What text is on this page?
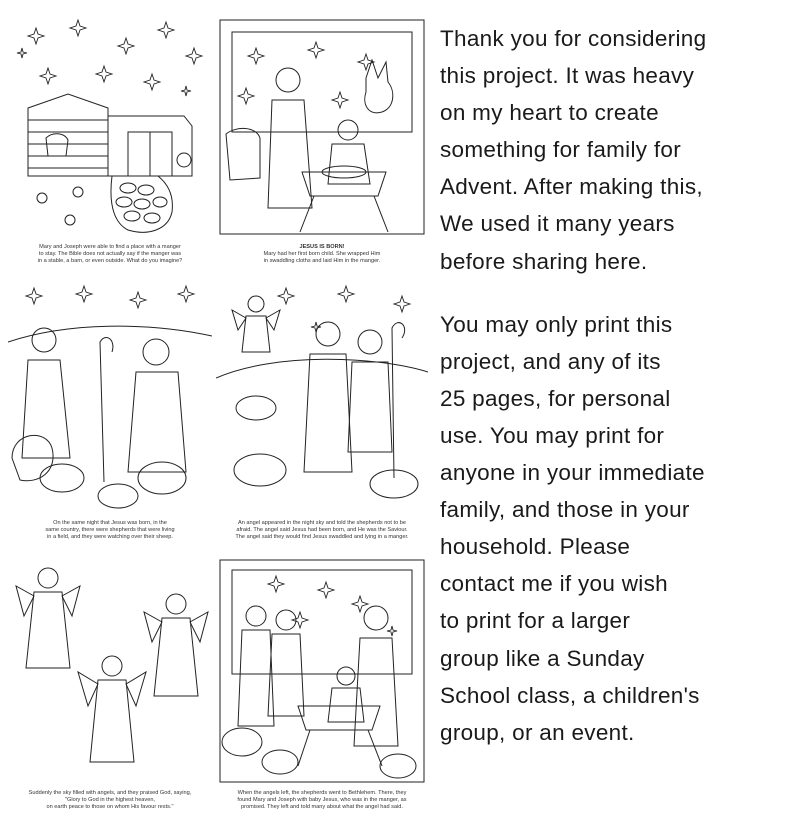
Mary and Joseph were able to find a place with a manger
to stay. The Bible does not actually say if the manger was
in a stable, a barn, or even outside. What do you imagine?
JESUS IS BORN!
Mary had her first born child. She wrapped Him
in swaddling cloths and laid Him in the manger.
On the same night that Jesus was born, in the
same country, there were shepherds that were living
in a field, and they were watching over their sheep.
An angel appeared in the night sky and told the shepherds not to be
afraid. The angel said Jesus had been born, and He was the Saviour.
The angel said they would find Jesus swaddled and lying in a manger.
Suddenly the sky filled with angels, and they praised God, saying,
"Glory to God in the highest heaven,
on earth peace to those on whom His favour rests."
When the angels left, the shepherds went to Bethlehem. There, they
found Mary and Joseph with baby Jesus, who was in the manger, as
promised. They left and told many about what the angel had said.
Thank you for considering
this project. It was heavy
on my heart to create
something for family for
Advent. After making this,
We used it many years
before sharing here.
You may only print this
project, and any of its
25 pages, for personal
use. You may print for
anyone in your immediate
family, and those in your
household. Please
contact me if you wish
to print for a larger
group like a Sunday
School class, a children's
group, or an event.
